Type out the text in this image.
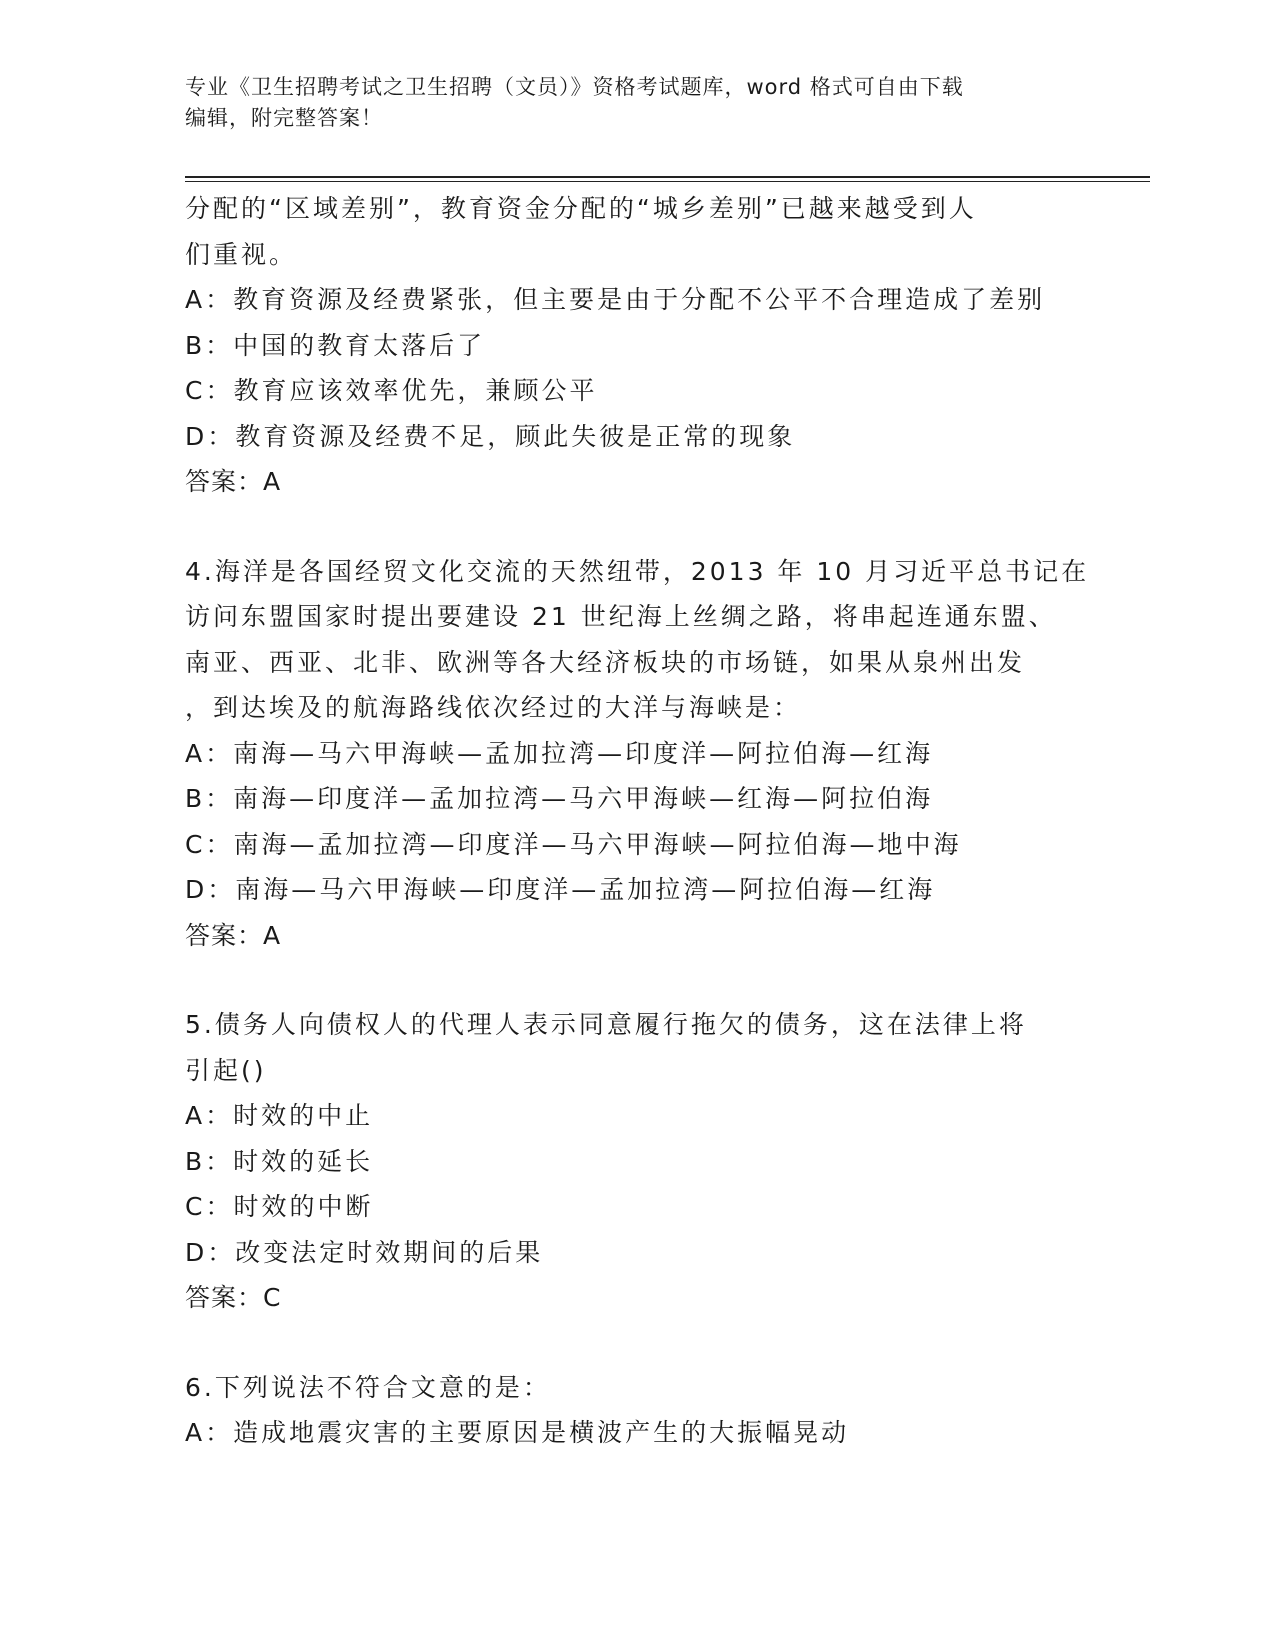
专业《卫生招聘考试之卫生招聘（文员）》资格考试题库，word 格式可自由下载
编辑，附完整答案！
分配的“区域差别”，教育资金分配的“城乡差别”已越来越受到人
们重视。
A：教育资源及经费紧张，但主要是由于分配不公平不合理造成了差别
B：中国的教育太落后了
C：教育应该效率优先，兼顾公平
D：教育资源及经费不足，顾此失彼是正常的现象
答案：A
4.海洋是各国经贸文化交流的天然纽带，2013 年 10 月习近平总书记在
访问东盟国家时提出要建设 21 世纪海上丝绸之路，将串起连通东盟、
南亚、西亚、北非、欧洲等各大经济板块的市场链，如果从泉州出发
，到达埃及的航海路线依次经过的大洋与海峡是：
A：南海—马六甲海峡—孟加拉湾—印度洋—阿拉伯海—红海
B：南海—印度洋—孟加拉湾—马六甲海峡—红海—阿拉伯海
C：南海—孟加拉湾—印度洋—马六甲海峡—阿拉伯海—地中海
D：南海—马六甲海峡—印度洋—孟加拉湾—阿拉伯海—红海
答案：A
5.债务人向债权人的代理人表示同意履行拖欠的债务，这在法律上将
引起()
A：时效的中止
B：时效的延长
C：时效的中断
D：改变法定时效期间的后果
答案：C
6.下列说法不符合文意的是：
A：造成地震灾害的主要原因是横波产生的大振幅晃动
